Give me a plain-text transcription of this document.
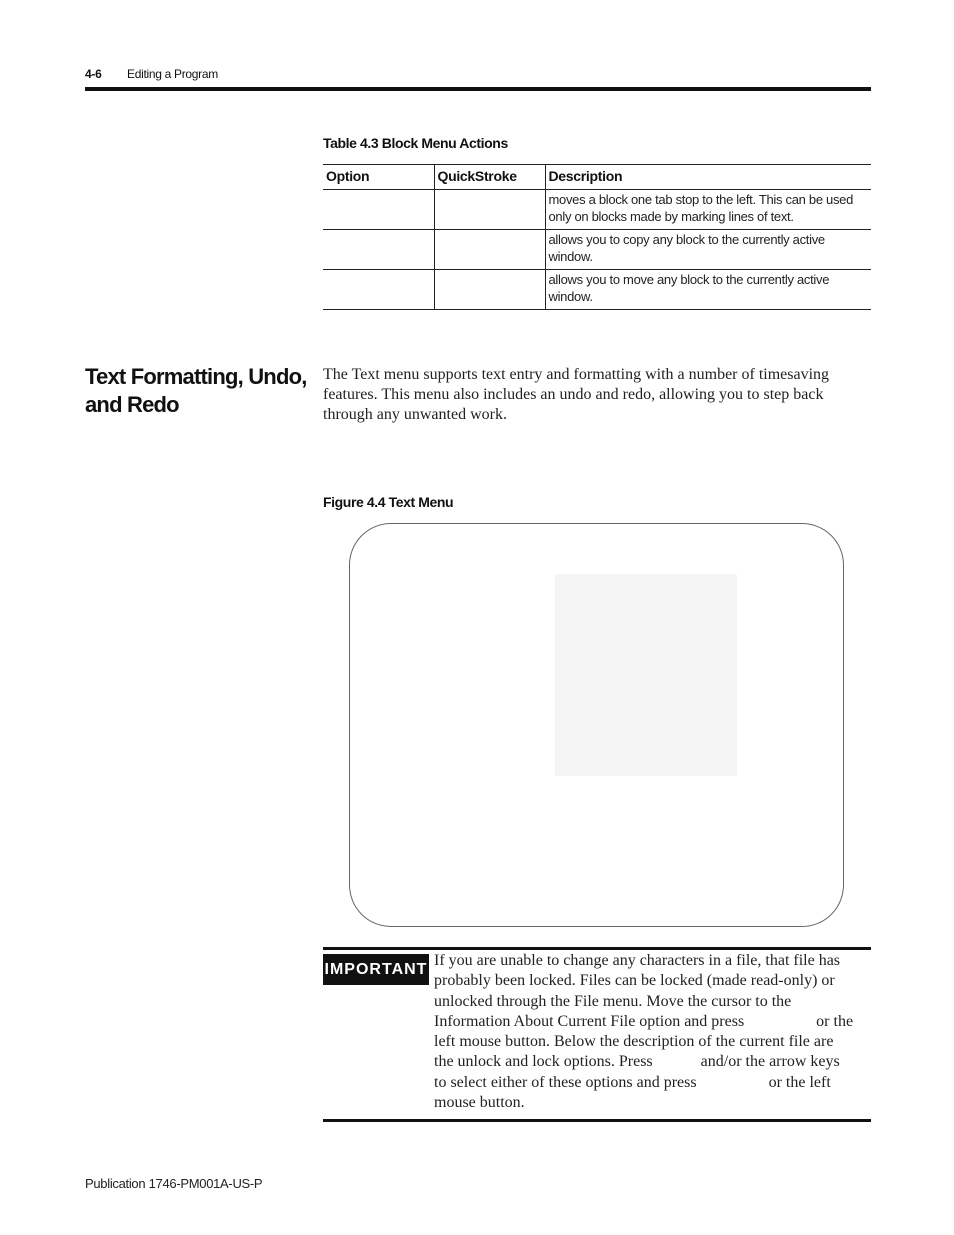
4-6 Editing a Program
Table 4.3 Block Menu Actions
Option	QuickStroke	Description
		moves a block one tab stop to the left. This can be used only on blocks made by marking lines of text.
		allows you to copy any block to the currently active window.
		allows you to move any block to the currently active window.
Text Formatting, Undo, and Redo
The Text menu supports text entry and formatting with a number of timesaving features. This menu also includes an undo and redo, allowing you to step back through any unwanted work.
Figure 4.4 Text Menu
IMPORTANT
If you are unable to change any characters in a file, that file has probably been locked. Files can be locked (made read-only) or unlocked through the File menu. Move the cursor to the Information About Current File option and press                  or the left mouse button. Below the description of the current file are the unlock and lock options. Press            and/or the arrow keys to select either of these options and press                  or the left mouse button.
Publication 1746-PM001A-US-P
